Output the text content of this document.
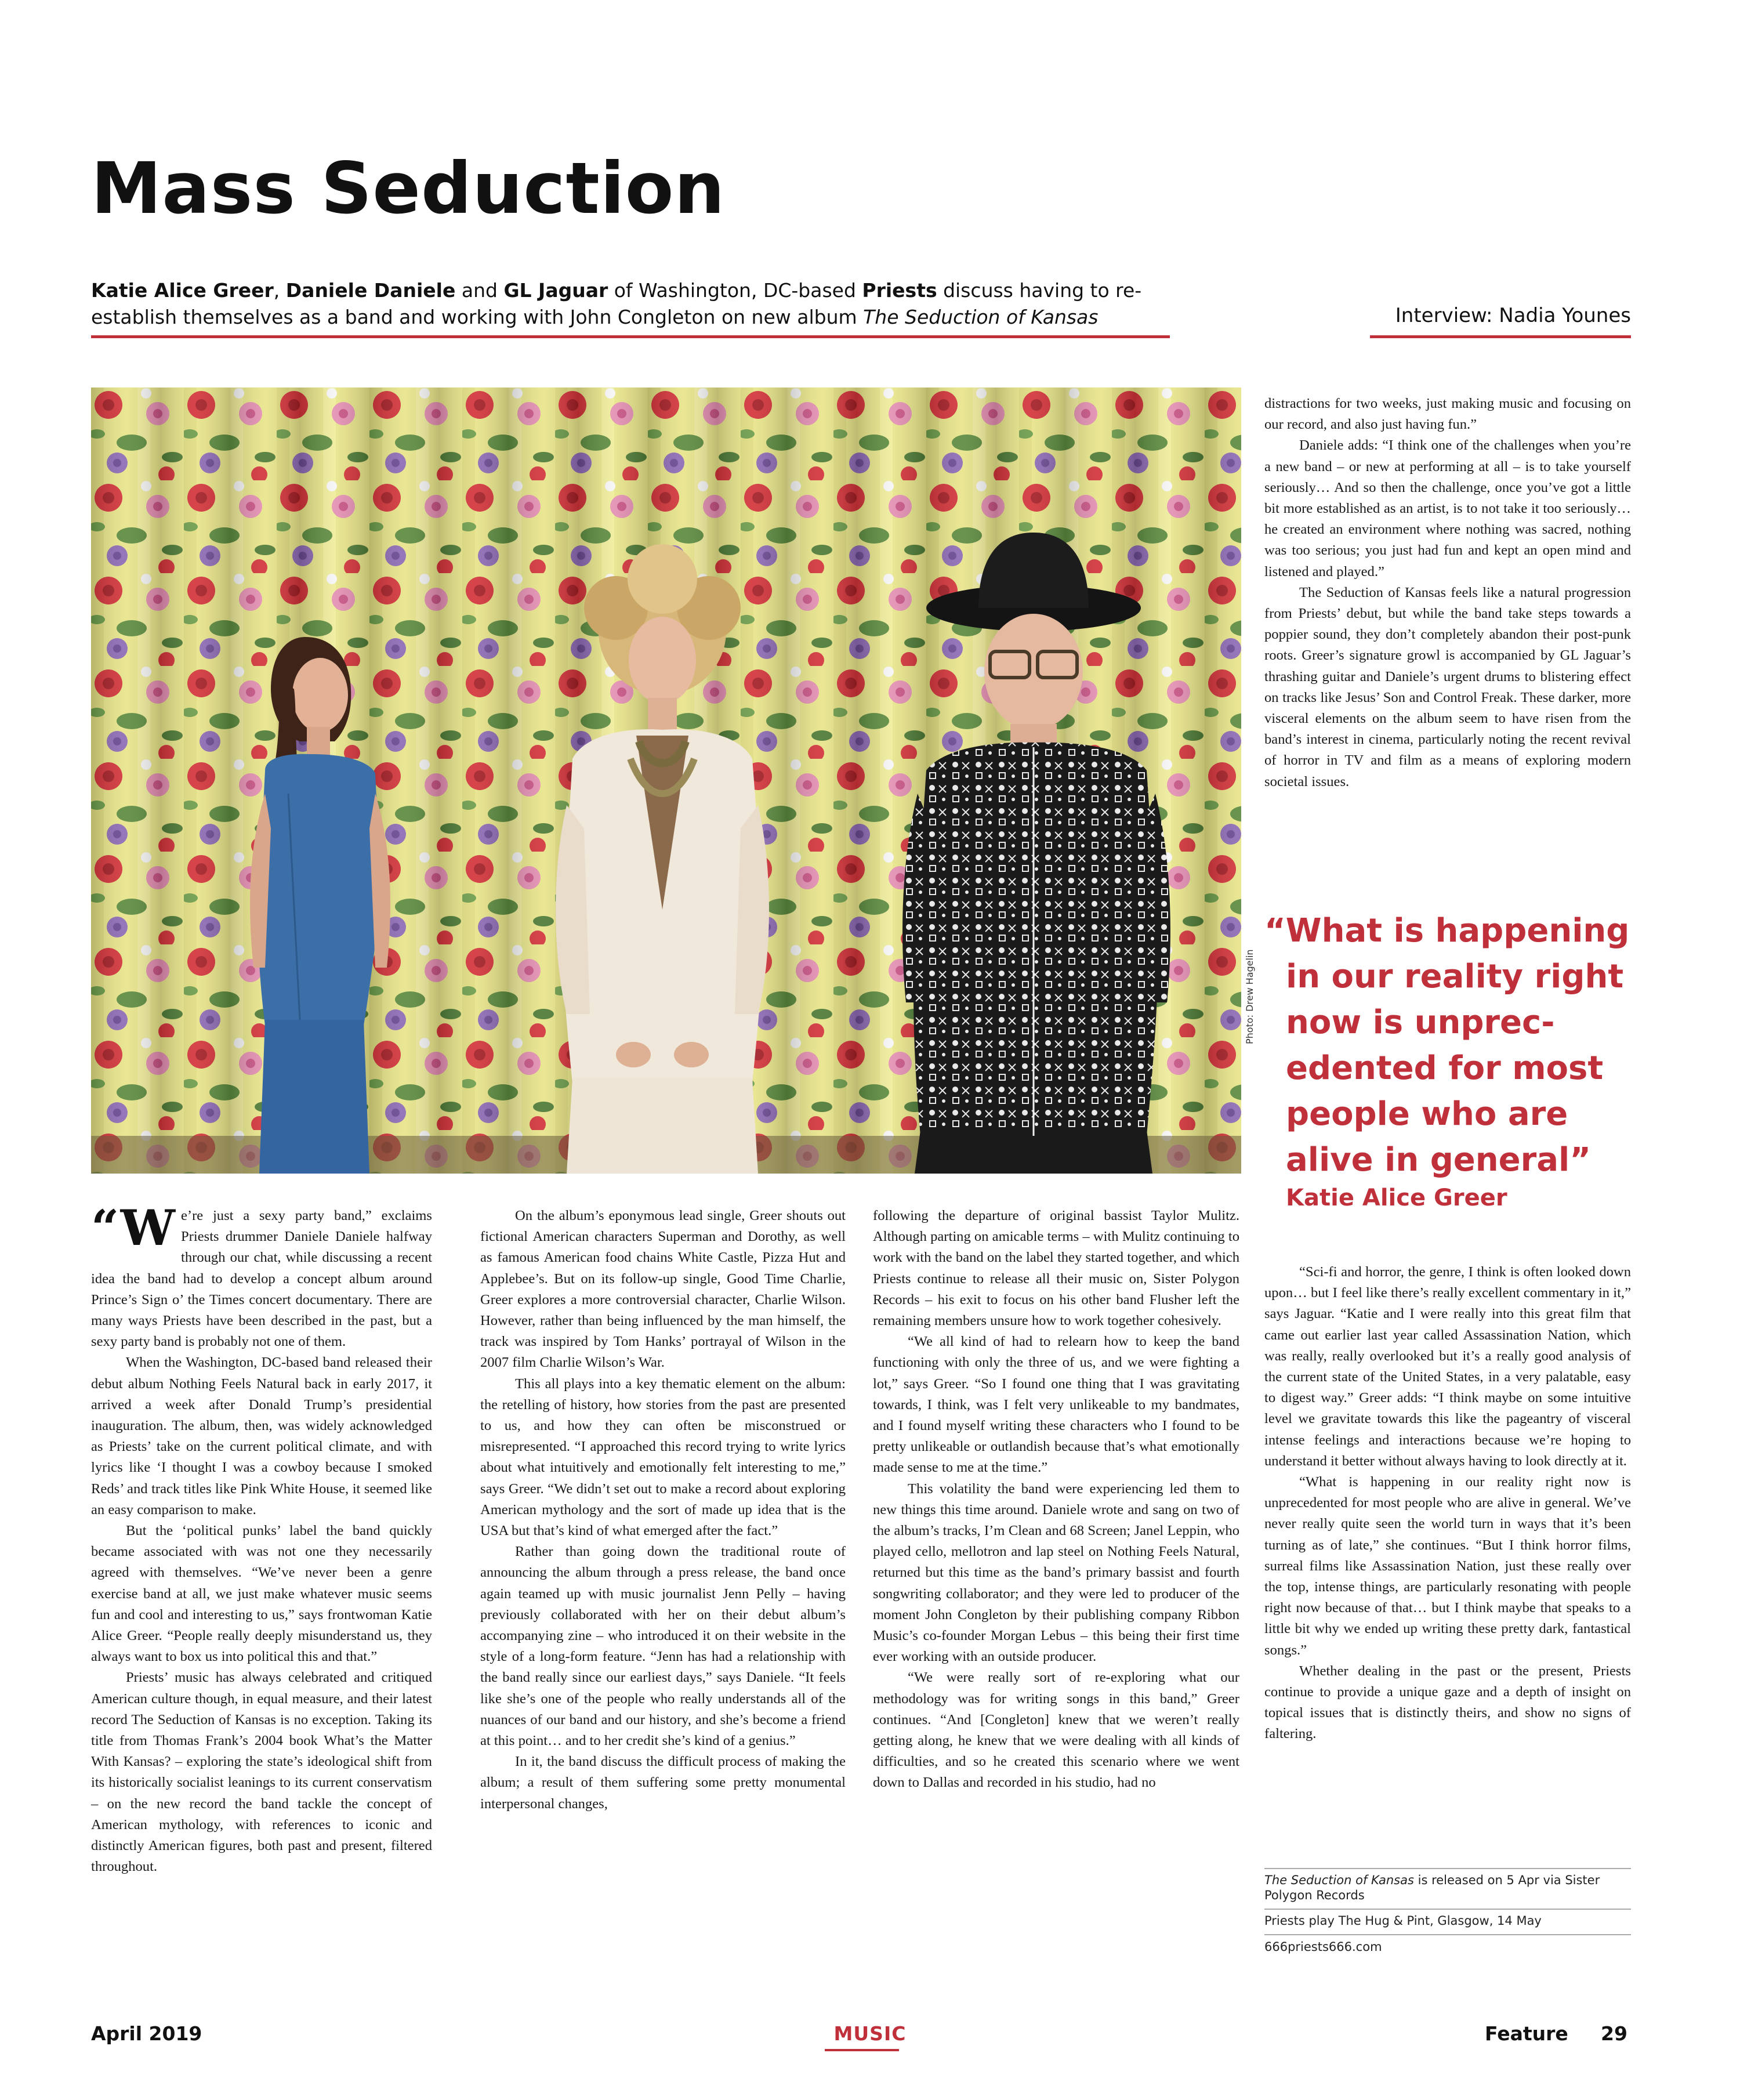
Mass Seduction
Katie Alice Greer, Daniele Daniele and GL Jaguar of Washington, DC-based Priests discuss having to re-establish themselves as a band and working with John Congleton on new album The Seduction of Kansas	Interview: Nadia Younes
Photo: Drew Hagelin

“We’re just a sexy party band,” exclaims Priests drummer Daniele Daniele halfway through our chat, while discussing a recent idea the band had to develop a concept album around Prince’s Sign o’ the Times concert documentary. There are many ways Priests have been described in the past, but a sexy party band is probably not one of them.

When the Washington, DC-based band released their debut album Nothing Feels Natural back in early 2017, it arrived a week after Donald Trump’s presidential inauguration. The album, then, was widely acknowledged as Priests’ take on the current political climate, and with lyrics like ‘I thought I was a cowboy because I smoked Reds’ and track titles like Pink White House, it seemed like an easy comparison to make.

But the ‘political punks’ label the band quickly became associated with was not one they necessarily agreed with themselves. “We’ve never been a genre exercise band at all, we just make whatever music seems fun and cool and interesting to us,” says frontwoman Katie Alice Greer. “People really deeply misunderstand us, they always want to box us into political this and that.”

Priests’ music has always celebrated and critiqued American culture though, in equal measure, and their latest record The Seduction of Kansas is no exception. Taking its title from Thomas Frank’s 2004 book What’s the Matter With Kansas? – exploring the state’s ideological shift from its historically socialist leanings to its current conservatism – on the new record the band tackle the concept of American mythology, with references to iconic and distinctly American figures, both past and present, filtered throughout.

On the album’s eponymous lead single, Greer shouts out fictional American characters Superman and Dorothy, as well as famous American food chains White Castle, Pizza Hut and Applebee’s. But on its follow-up single, Good Time Charlie, Greer explores a more controversial character, Charlie Wilson. However, rather than being influenced by the man himself, the track was inspired by Tom Hanks’ portrayal of Wilson in the 2007 film Charlie Wilson’s War.

This all plays into a key thematic element on the album: the retelling of history, how stories from the past are presented to us, and how they can often be misconstrued or misrepresented. “I approached this record trying to write lyrics about what intuitively and emotionally felt interesting to me,” says Greer. “We didn’t set out to make a record about exploring American mythology and the sort of made up idea that is the USA but that’s kind of what emerged after the fact.”

Rather than going down the traditional route of announcing the album through a press release, the band once again teamed up with music journalist Jenn Pelly – having previously collaborated with her on their debut album’s accompanying zine – who introduced it on their website in the style of a long-form feature. “Jenn has had a relationship with the band really since our earliest days,” says Daniele. “It feels like she’s one of the people who really understands all of the nuances of our band and our history, and she’s become a friend at this point… and to her credit she’s kind of a genius.”

In it, the band discuss the difficult process of making the album; a result of them suffering some pretty monumental interpersonal changes,

following the departure of original bassist Taylor Mulitz. Although parting on amicable terms – with Mulitz continuing to work with the band on the label they started together, and which Priests continue to release all their music on, Sister Polygon Records – his exit to focus on his other band Flusher left the remaining members unsure how to work together cohesively.

“We all kind of had to relearn how to keep the band functioning with only the three of us, and we were fighting a lot,” says Greer. “So I found one thing that I was gravitating towards, I think, was I felt very unlikeable to my bandmates, and I found myself writing these characters who I found to be pretty unlikeable or outlandish because that’s what emotionally made sense to me at the time.”

This volatility the band were experiencing led them to new things this time around. Daniele wrote and sang on two of the album’s tracks, I’m Clean and 68 Screen; Janel Leppin, who played cello, mellotron and lap steel on Nothing Feels Natural, returned but this time as the band’s primary bassist and fourth songwriting collaborator; and they were led to producer of the moment John Congleton by their publishing company Ribbon Music’s co-founder Morgan Lebus – this being their first time ever working with an outside producer.

“We were really sort of re-exploring what our methodology was for writing songs in this band,” Greer continues. “And [Congleton] knew that we weren’t really getting along, he knew that we were dealing with all kinds of difficulties, and so he created this scenario where we went down to Dallas and recorded in his studio, had no

distractions for two weeks, just making music and focusing on our record, and also just having fun.”

Daniele adds: “I think one of the challenges when you’re a new band – or new at performing at all – is to take yourself seriously… And so then the challenge, once you’ve got a little bit more established as an artist, is to not take it too seriously… he created an environment where nothing was sacred, nothing was too serious; you just had fun and kept an open mind and listened and played.”

The Seduction of Kansas feels like a natural progression from Priests’ debut, but while the band take steps towards a poppier sound, they don’t completely abandon their post-punk roots. Greer’s signature growl is accompanied by GL Jaguar’s thrashing guitar and Daniele’s urgent drums to blistering effect on tracks like Jesus’ Son and Control Freak. These darker, more visceral elements on the album seem to have risen from the band’s interest in cinema, particularly noting the recent revival of horror in TV and film as a means of exploring modern societal issues.

“What is happening
in our reality right
now is unprec-
edented for most
people who are
alive in general”
Katie Alice Greer

“Sci-fi and horror, the genre, I think is often looked down upon… but I feel like there’s really excellent commentary in it,” says Jaguar. “Katie and I were really into this great film that came out earlier last year called Assassination Nation, which was really, really overlooked but it’s a really good analysis of the current state of the United States, in a very palatable, easy to digest way.” Greer adds: “I think maybe on some intuitive level we gravitate towards this like the pageantry of visceral intense feelings and interactions because we’re hoping to understand it better without always having to look directly at it.

“What is happening in our reality right now is unprecedented for most people who are alive in general. We’ve never really quite seen the world turn in ways that it’s been turning as of late,” she continues. “But I think horror films, surreal films like Assassination Nation, just these really over the top, intense things, are particularly resonating with people right now because of that… but I think maybe that speaks to a little bit why we ended up writing these pretty dark, fantastical songs.”

Whether dealing in the past or the present, Priests continue to provide a unique gaze and a depth of insight on topical issues that is distinctly theirs, and show no signs of faltering.

The Seduction of Kansas is released on 5 Apr via Sister Polygon Records
Priests play The Hug & Pint, Glasgow, 14 May
666priests666.com
April 2019	MUSIC	Feature 29
